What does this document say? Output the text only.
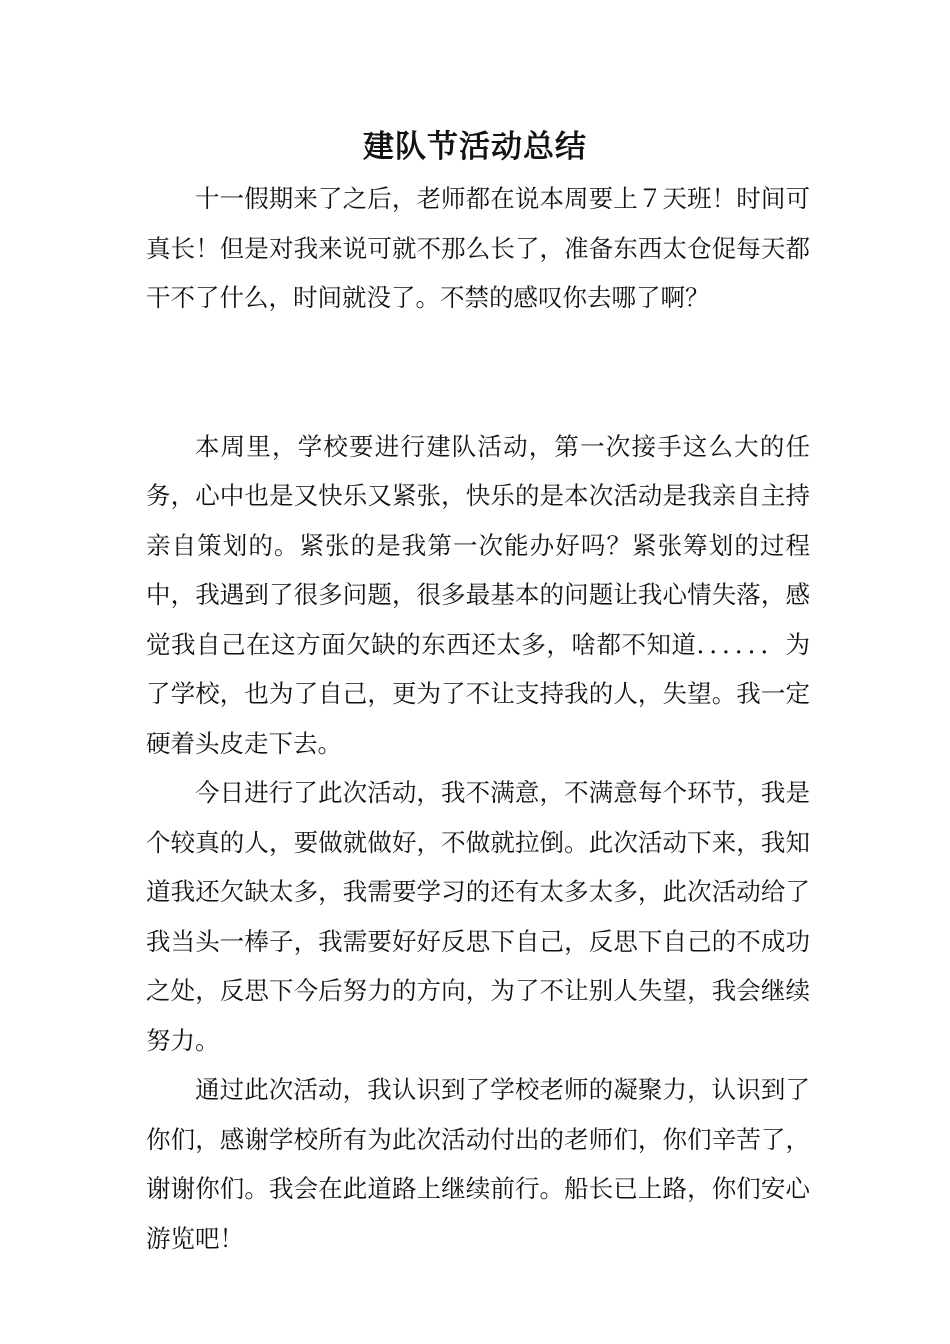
建队节活动总结

十一假期来了之后，老师都在说本周要上７天班！时间可真长！但是对我来说可就不那么长了，准备东西太仓促每天都干不了什么，时间就没了。不禁的感叹你去哪了啊？

本周里，学校要进行建队活动，第一次接手这么大的任务，心中也是又快乐又紧张，快乐的是本次活动是我亲自主持亲自策划的。紧张的是我第一次能办好吗？紧张筹划的过程中，我遇到了很多问题，很多最基本的问题让我心情失落，感觉我自己在这方面欠缺的东西还太多，啥都不知道．．．．．．为了学校，也为了自己，更为了不让支持我的人，失望。我一定硬着头皮走下去。

今日进行了此次活动，我不满意，不满意每个环节，我是个较真的人，要做就做好，不做就拉倒。此次活动下来，我知道我还欠缺太多，我需要学习的还有太多太多，此次活动给了我当头一棒子，我需要好好反思下自己，反思下自己的不成功之处，反思下今后努力的方向，为了不让别人失望，我会继续努力。

通过此次活动，我认识到了学校老师的凝聚力，认识到了你们，感谢学校所有为此次活动付出的老师们，你们辛苦了，谢谢你们。我会在此道路上继续前行。船长已上路，你们安心游览吧！
